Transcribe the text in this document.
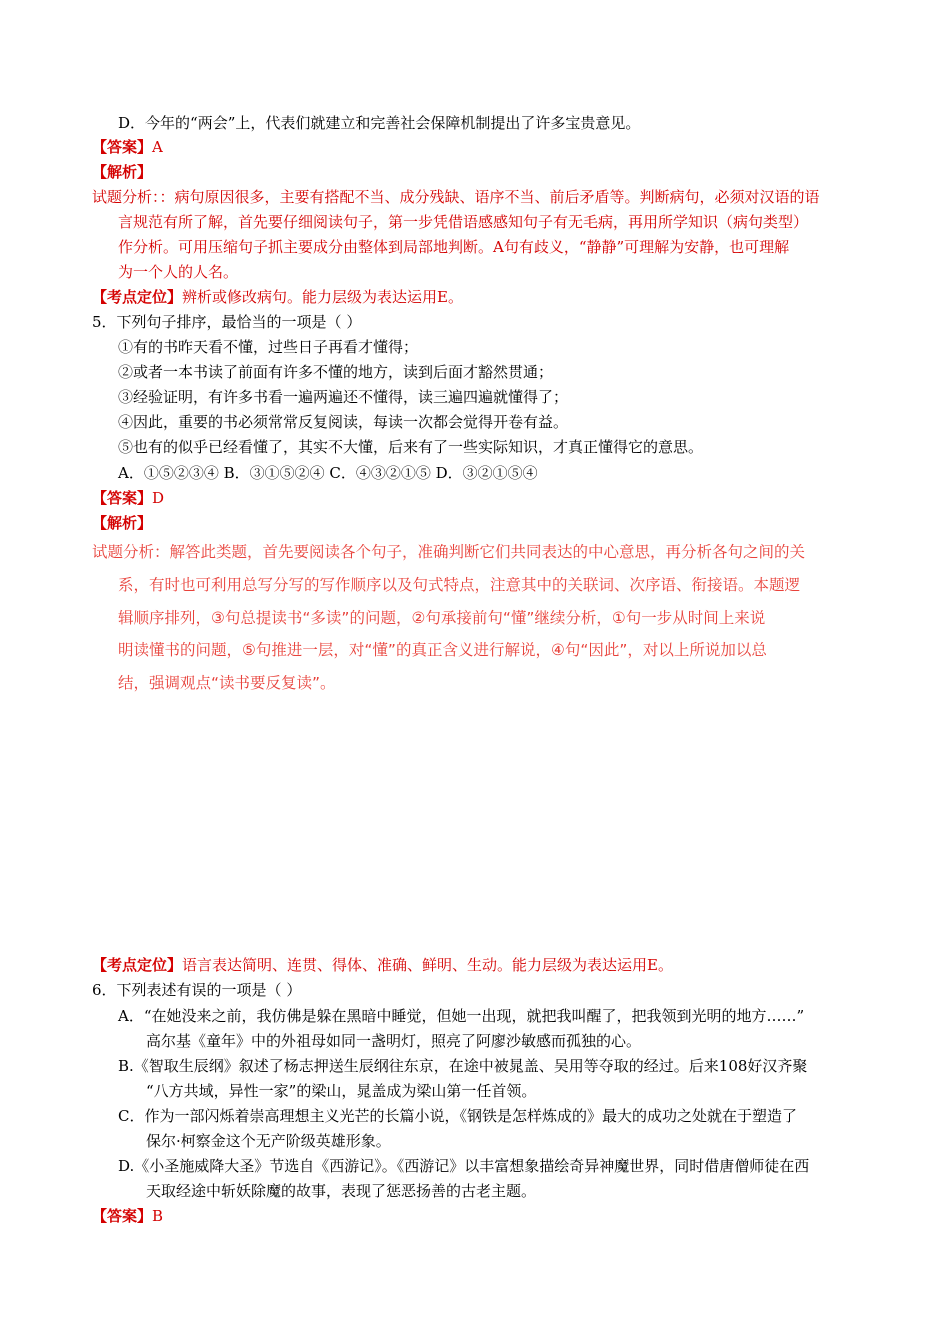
D．今年的“两会”上，代表们就建立和完善社会保障机制提出了许多宝贵意见。
【答案】A
【解析】
试题分析：：病句原因很多，主要有搭配不当、成分残缺、语序不当、前后矛盾等。判断病句，必须对汉语的语
言规范有所了解，首先要仔细阅读句子，第一步凭借语感感知句子有无毛病，再用所学知识（病句类型）
作分析。可用压缩句子抓主要成分由整体到局部地判断。A句有歧义，“静静”可理解为安静，也可理解
为一个人的人名。
【考点定位】辨析或修改病句。能力层级为表达运用E。
5．下列句子排序，最恰当的一项是（ ）
①有的书昨天看不懂，过些日子再看才懂得；
②或者一本书读了前面有许多不懂的地方，读到后面才豁然贯通；
③经验证明，有许多书看一遍两遍还不懂得，读三遍四遍就懂得了；
④因此，重要的书必须常常反复阅读，每读一次都会觉得开卷有益。
⑤也有的似乎已经看懂了，其实不大懂，后来有了一些实际知识，才真正懂得它的意思。
A．①⑤②③④ B．③①⑤②④ C．④③②①⑤ D．③②①⑤④
【答案】D
【解析】
试题分析：解答此类题，首先要阅读各个句子，准确判断它们共同表达的中心意思，再分析各句之间的关
系，有时也可利用总写分写的写作顺序以及句式特点，注意其中的关联词、次序语、衔接语。本题逻
辑顺序排列，③句总提读书“多读”的问题，②句承接前句“懂”继续分析，①句一步从时间上来说
明读懂书的问题，⑤句推进一层，对“懂”的真正含义进行解说，④句“因此”，对以上所说加以总
结，强调观点“读书要反复读”。
【考点定位】语言表达简明、连贯、得体、准确、鲜明、生动。能力层级为表达运用E。
6．下列表述有误的一项是（ ）
A．“在她没来之前，我仿佛是躲在黑暗中睡觉，但她一出现，就把我叫醒了，把我领到光明的地方……”
高尔基《童年》中的外祖母如同一盏明灯，照亮了阿廖沙敏感而孤独的心。
B.《智取生辰纲》叙述了杨志押送生辰纲往东京，在途中被晁盖、吴用等夺取的经过。后来108好汉齐聚
“八方共域，异性一家”的梁山，晁盖成为梁山第一任首领。
C．作为一部闪烁着崇高理想主义光芒的长篇小说，《钢铁是怎样炼成的》最大的成功之处就在于塑造了
保尔·柯察金这个无产阶级英雄形象。
D.《小圣施威降大圣》节选自《西游记》。《西游记》以丰富想象描绘奇异神魔世界，同时借唐僧师徒在西
天取经途中斩妖除魔的故事，表现了惩恶扬善的古老主题。
【答案】B
